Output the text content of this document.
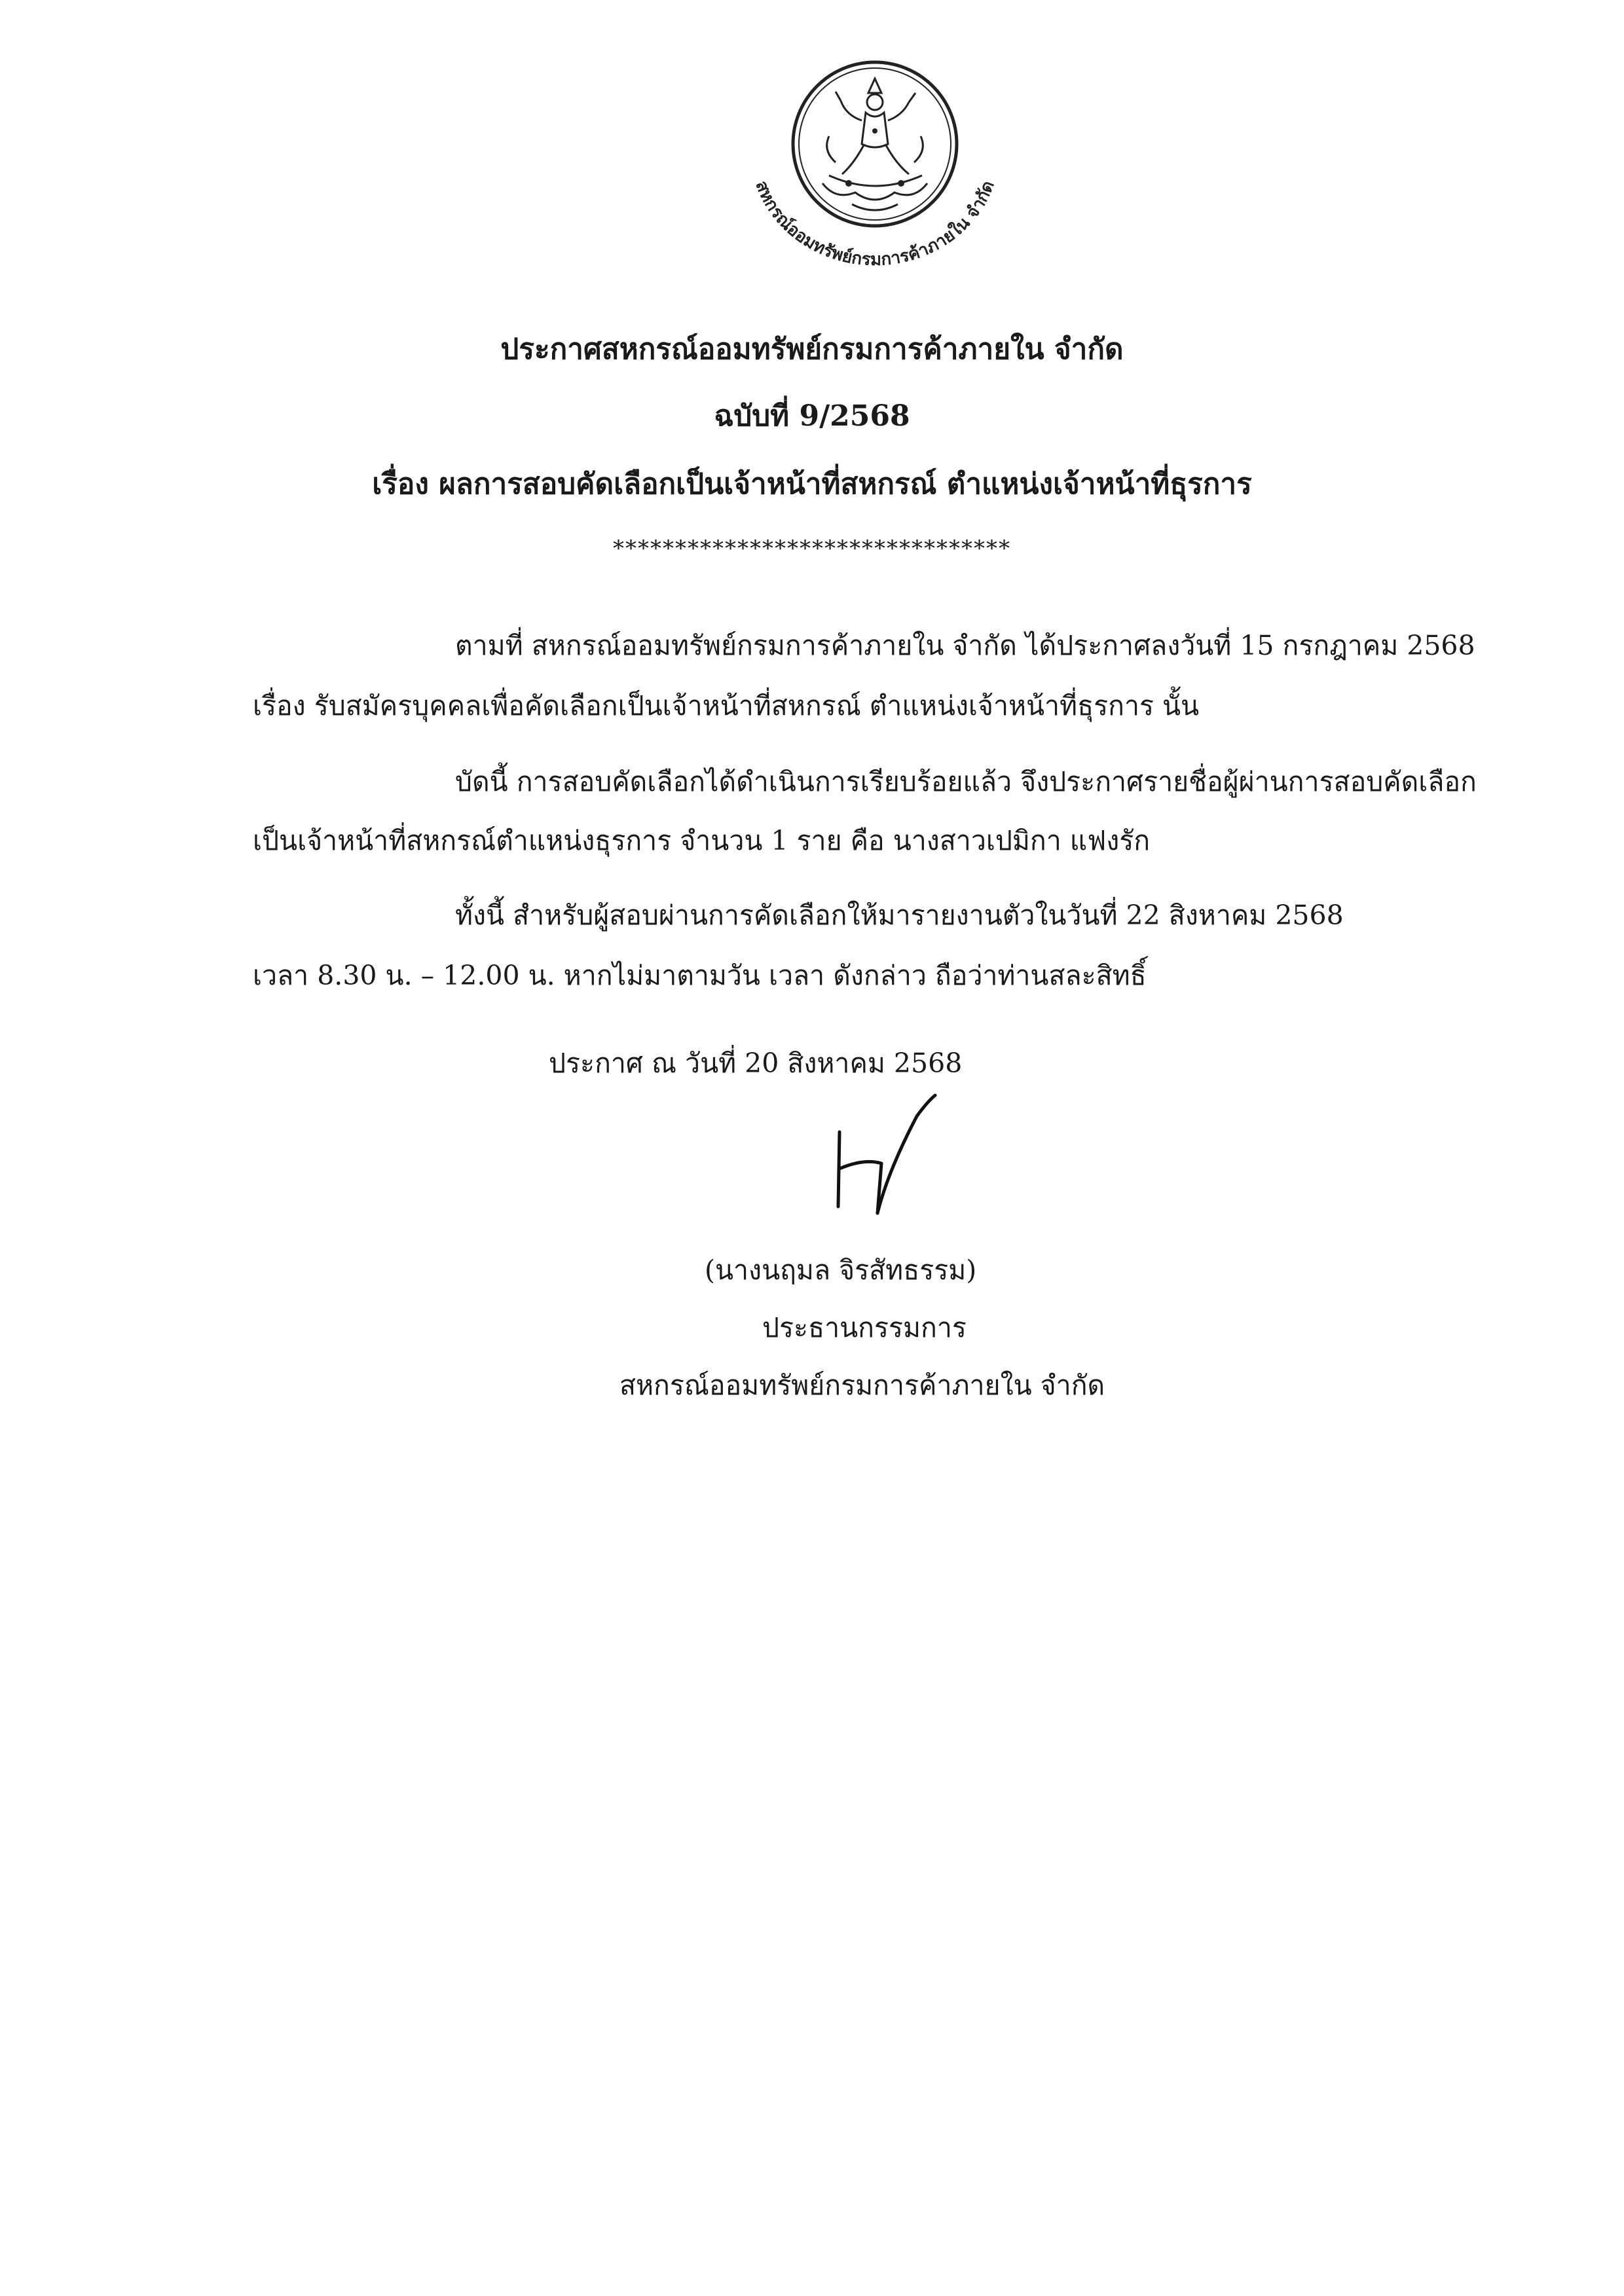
สหกรณ์ออมทรัพย์กรมการค้าภายใน จำกัด
ประกาศสหกรณ์ออมทรัพย์กรมการค้าภายใน จำกัด
ฉบับที่ 9/2568
เรื่อง ผลการสอบคัดเลือกเป็นเจ้าหน้าที่สหกรณ์ ตำแหน่งเจ้าหน้าที่ธุรการ
********************************
ตามที่ สหกรณ์ออมทรัพย์กรมการค้าภายใน จำกัด ได้ประกาศลงวันที่ 15 กรกฎาคม 2568
เรื่อง รับสมัครบุคคลเพื่อคัดเลือกเป็นเจ้าหน้าที่สหกรณ์ ตำแหน่งเจ้าหน้าที่ธุรการ นั้น
บัดนี้ การสอบคัดเลือกได้ดำเนินการเรียบร้อยแล้ว จึงประกาศรายชื่อผู้ผ่านการสอบคัดเลือก
เป็นเจ้าหน้าที่สหกรณ์ตำแหน่งธุรการ จำนวน 1 ราย คือ นางสาวเปมิกา แฟงรัก
ทั้งนี้ สำหรับผู้สอบผ่านการคัดเลือกให้มารายงานตัวในวันที่ 22 สิงหาคม 2568
เวลา 8.30 น. – 12.00 น. หากไม่มาตามวัน เวลา ดังกล่าว ถือว่าท่านสละสิทธิ์
ประกาศ ณ วันที่ 20 สิงหาคม 2568
(นางนฤมล จิรสัทธรรม)
ประธานกรรมการ
สหกรณ์ออมทรัพย์กรมการค้าภายใน จำกัด
